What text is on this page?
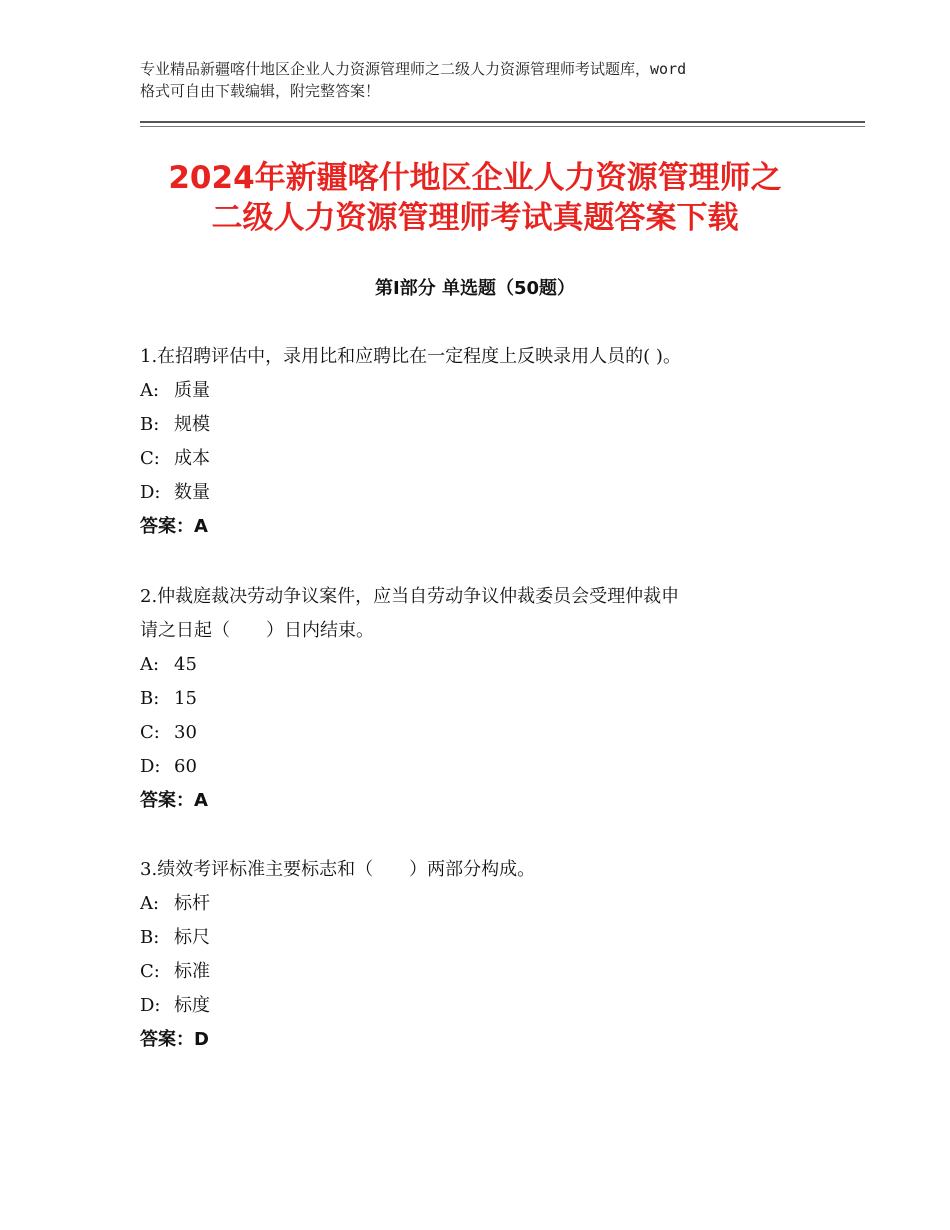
专业精品新疆喀什地区企业人力资源管理师之二级人力资源管理师考试题库，word
格式可自由下载编辑，附完整答案！
2024年新疆喀什地区企业人力资源管理师之
二级人力资源管理师考试真题答案下载
第Ⅰ部分 单选题（50题）
1.在招聘评估中，录用比和应聘比在一定程度上反映录用人员的( )。
A: 质量
B: 规模
C: 成本
D: 数量
答案：A
2.仲裁庭裁决劳动争议案件，应当自劳动争议仲裁委员会受理仲裁申
请之日起（　　）日内结束。
A: 45
B: 15
C: 30
D: 60
答案：A
3.绩效考评标准主要标志和（　　）两部分构成。
A: 标杆
B: 标尺
C: 标准
D: 标度
答案：D
